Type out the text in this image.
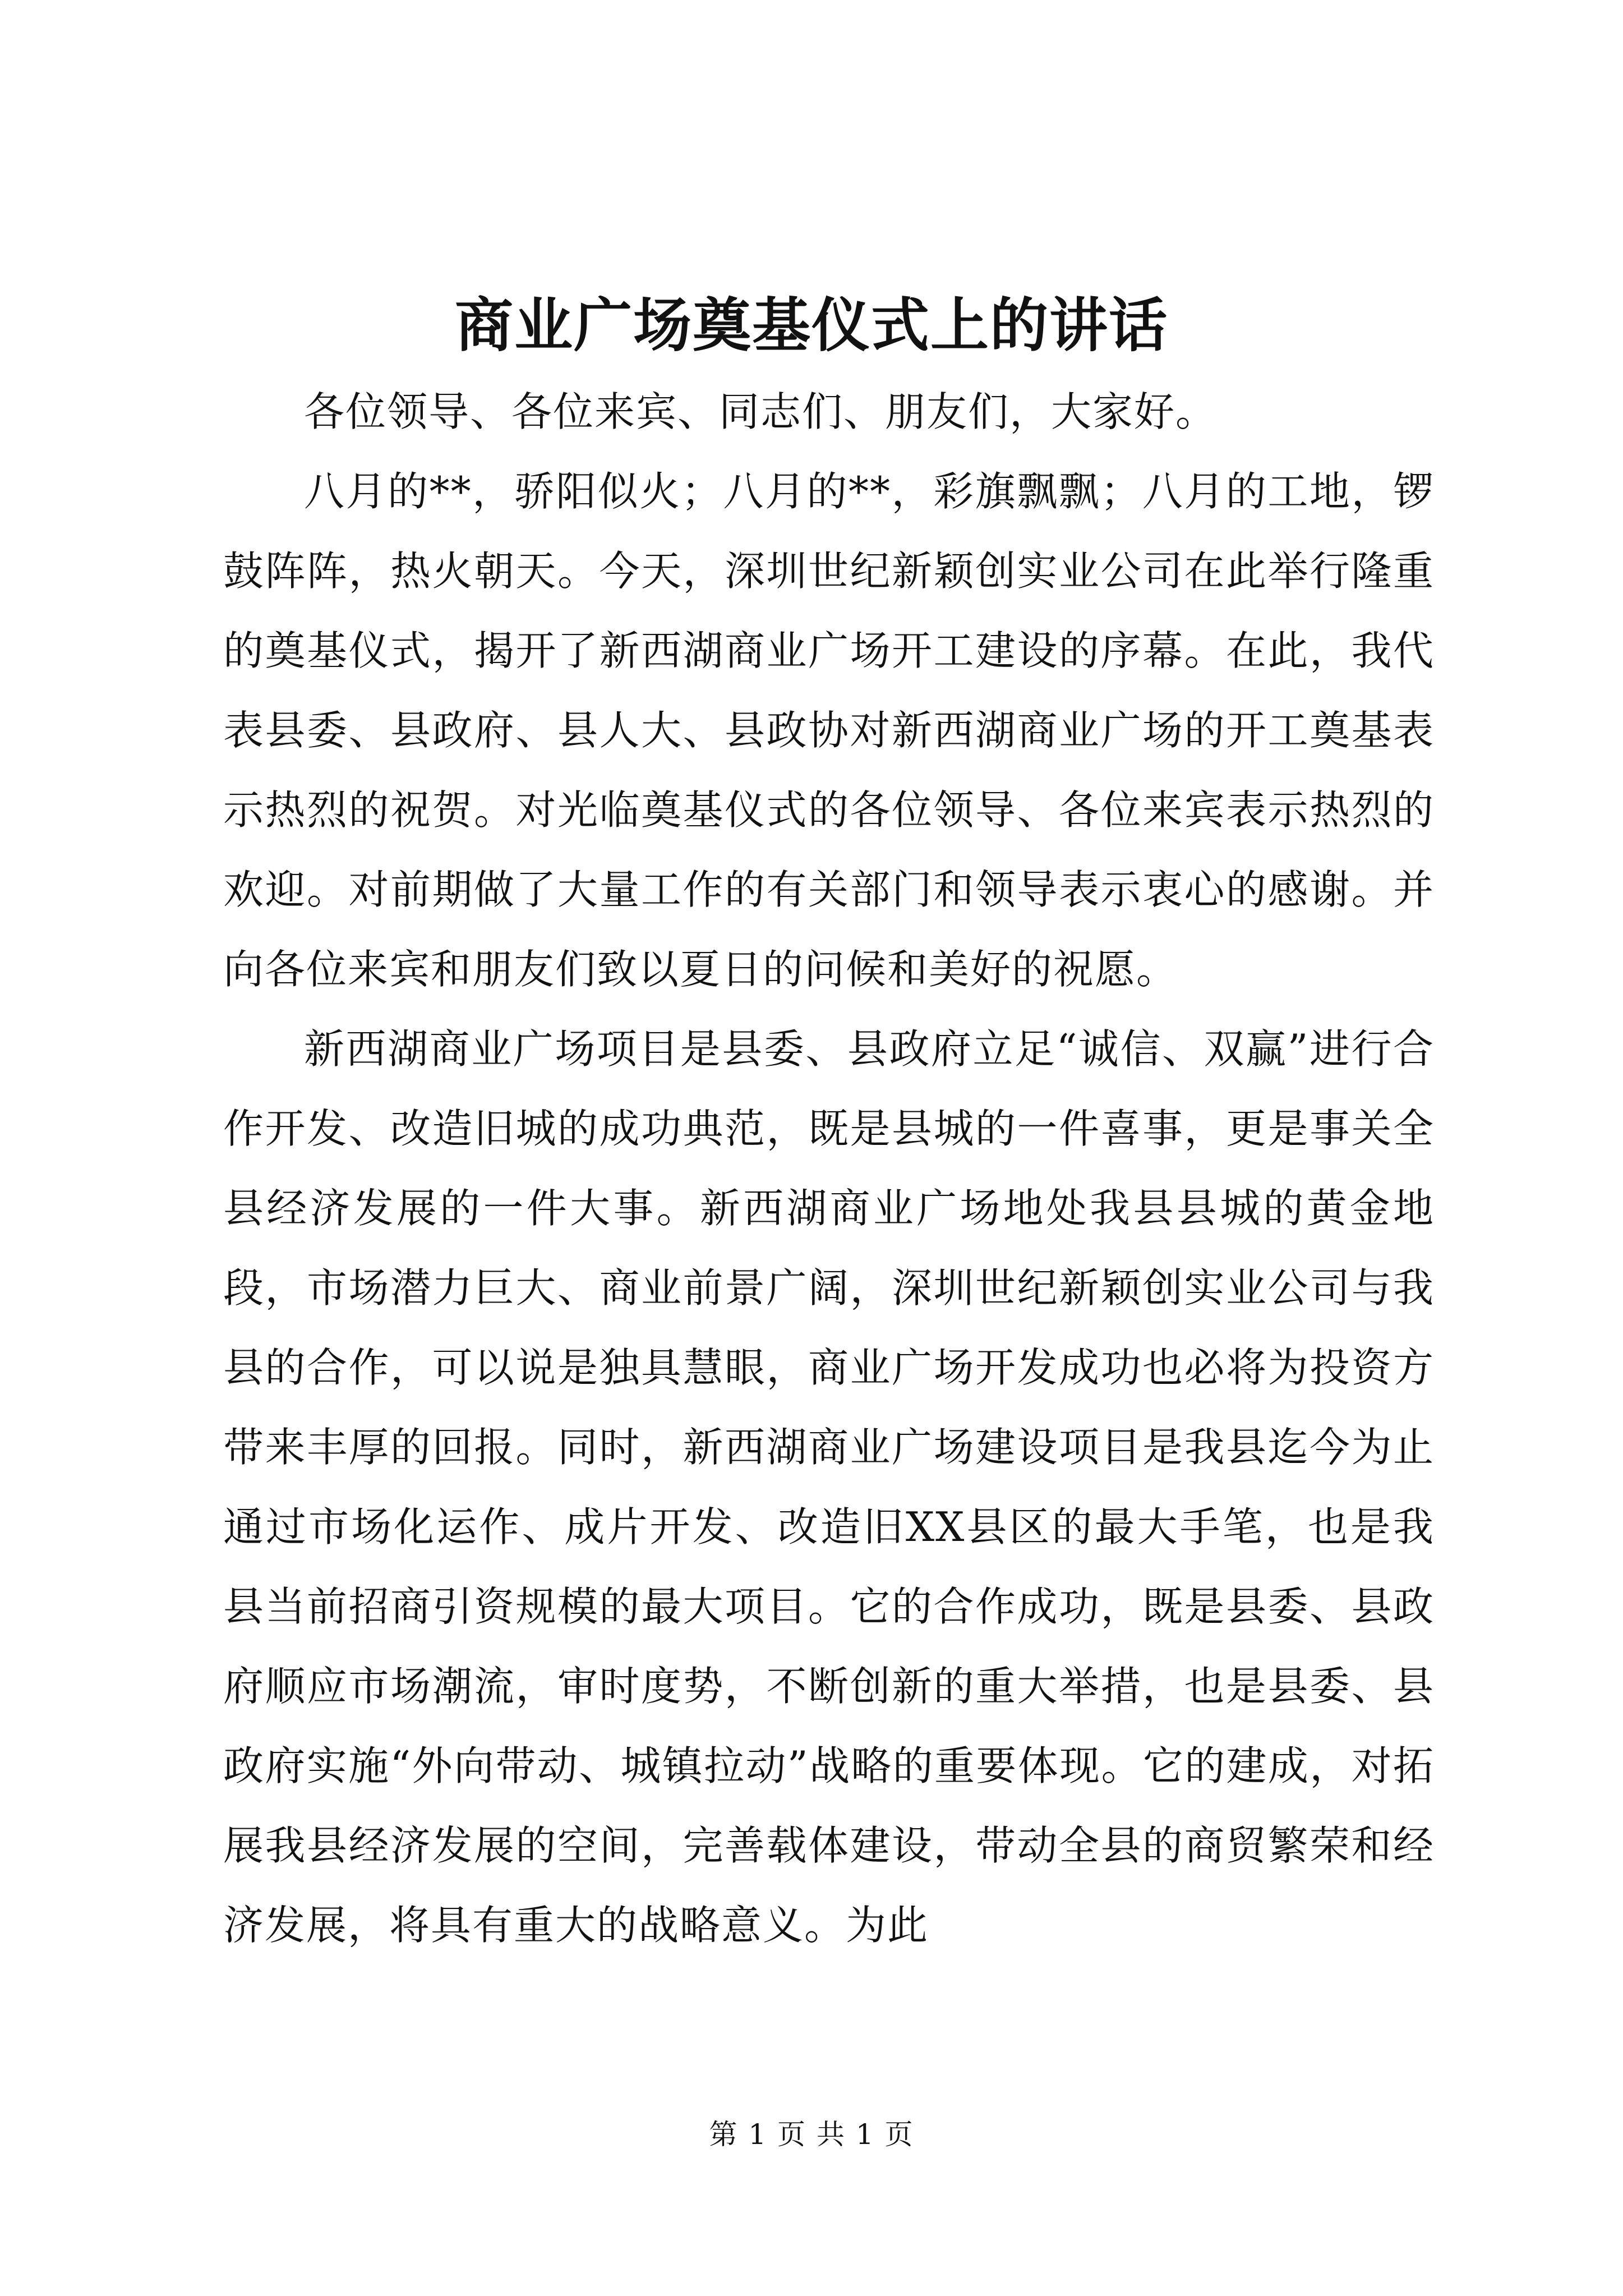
商业广场奠基仪式上的讲话

各位领导、各位来宾、同志们、朋友们，大家好。

八月的**，骄阳似火；八月的**，彩旗飘飘；八月的工地，锣鼓阵阵，热火朝天。今天，深圳世纪新颖创实业公司在此举行隆重的奠基仪式，揭开了新西湖商业广场开工建设的序幕。在此，我代表县委、县政府、县人大、县政协对新西湖商业广场的开工奠基表示热烈的祝贺。对光临奠基仪式的各位领导、各位来宾表示热烈的欢迎。对前期做了大量工作的有关部门和领导表示衷心的感谢。并向各位来宾和朋友们致以夏日的问候和美好的祝愿。

新西湖商业广场项目是县委、县政府立足“诚信、双赢”进行合作开发、改造旧城的成功典范，既是县城的一件喜事，更是事关全县经济发展的一件大事。新西湖商业广场地处我县县城的黄金地段，市场潜力巨大、商业前景广阔，深圳世纪新颖创实业公司与我县的合作，可以说是独具慧眼，商业广场开发成功也必将为投资方带来丰厚的回报。同时，新西湖商业广场建设项目是我县迄今为止通过市场化运作、成片开发、改造旧XX县区的最大手笔，也是我县当前招商引资规模的最大项目。它的合作成功，既是县委、县政府顺应市场潮流，审时度势，不断创新的重大举措，也是县委、县政府实施“外向带动、城镇拉动”战略的重要体现。它的建成，对拓展我县经济发展的空间，完善载体建设，带动全县的商贸繁荣和经济发展，将具有重大的战略意义。为此

第 1 页 共 1 页
